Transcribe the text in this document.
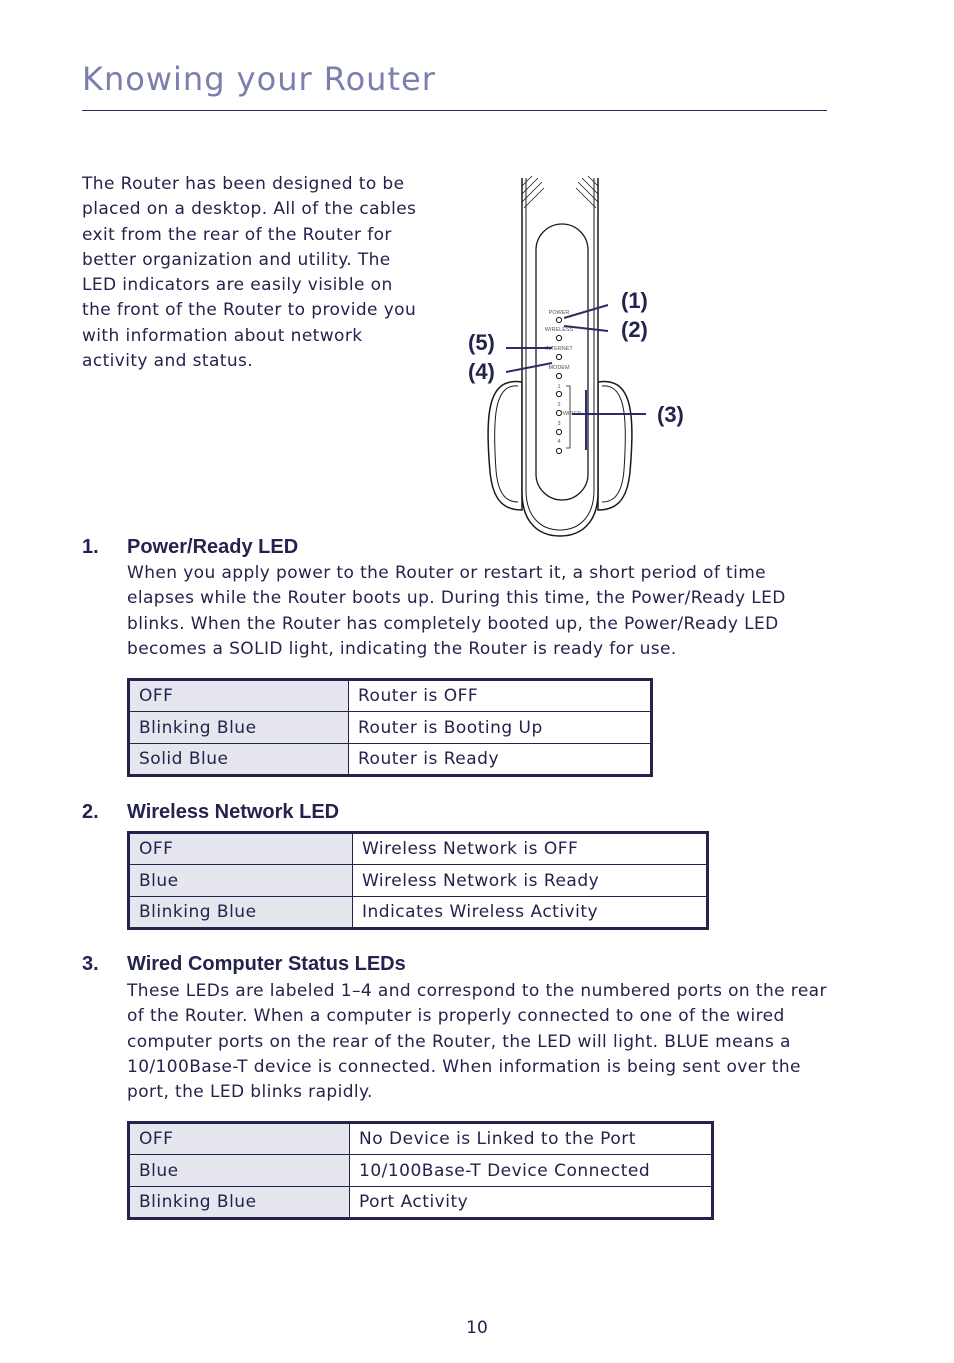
Knowing your Router

The Router has been designed to be placed on a desktop. All of the cables exit from the rear of the Router for better organization and utility. The LED indicators are easily visible on the front of the Router to provide you with information about network activity and status.

POWER
WIRELESS
INTERNET
MODEM
1
2
WIRED
3
4
(1)
(2)
(3)
(4)
(5)
1. Power/Ready LED

When you apply power to the Router or restart it, a short period of time elapses while the Router boots up. During this time, the Power/Ready LED blinks. When the Router has completely booted up, the Power/Ready LED becomes a SOLID light, indicating the Router is ready for use.

OFF	Router is OFF
Blinking Blue	Router is Booting Up
Solid Blue	Router is Ready
2. Wireless Network LED
OFF	Wireless Network is OFF
Blue	Wireless Network is Ready
Blinking Blue	Indicates Wireless Activity
3. Wired Computer Status LEDs

These LEDs are labeled 1–4 and correspond to the numbered ports on the rear of the Router. When a computer is properly connected to one of the wired computer ports on the rear of the Router, the LED will light. BLUE means a 10/100Base-T device is connected. When information is being sent over the port, the LED blinks rapidly.

OFF	No Device is Linked to the Port
Blue	10/100Base-T Device Connected
Blinking Blue	Port Activity
10
